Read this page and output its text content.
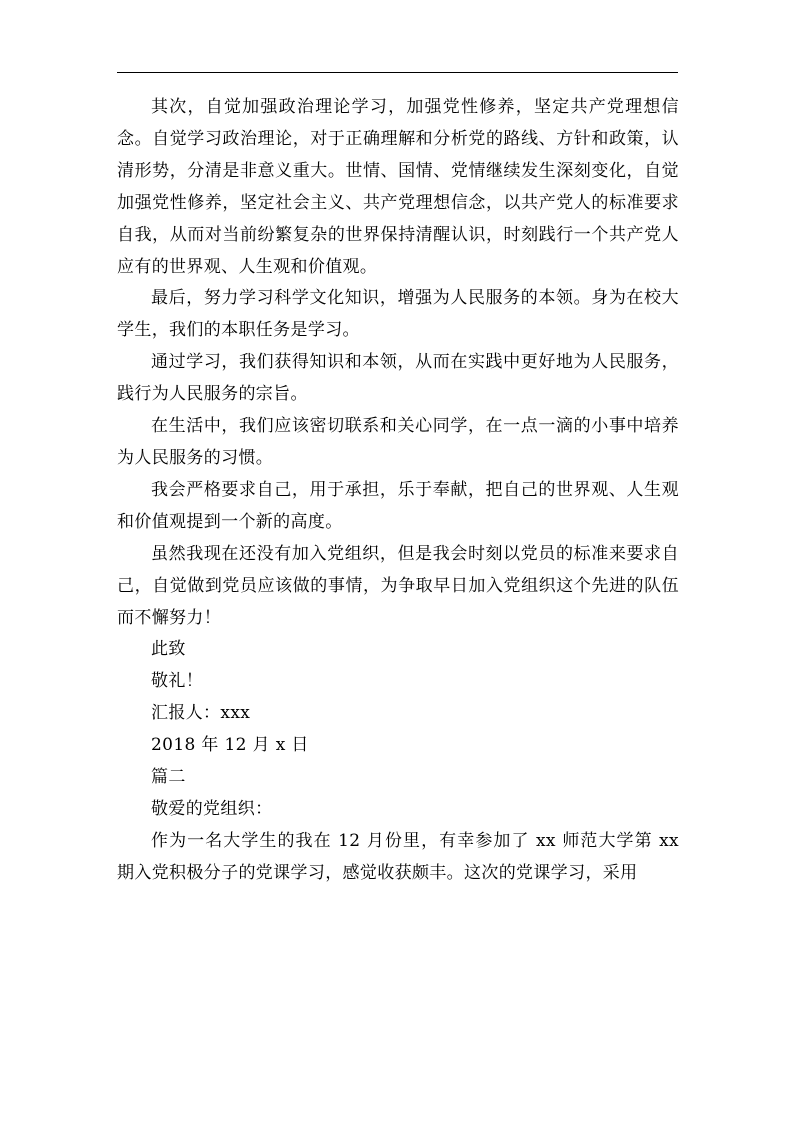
其次，自觉加强政治理论学习，加强党性修养，坚定共产党理想信念。自觉学习政治理论，对于正确理解和分析党的路线、方针和政策，认清形势，分清是非意义重大。世情、国情、党情继续发生深刻变化，自觉加强党性修养，坚定社会主义、共产党理想信念，以共产党人的标准要求自我，从而对当前纷繁复杂的世界保持清醒认识，时刻践行一个共产党人应有的世界观、人生观和价值观。

最后，努力学习科学文化知识，增强为人民服务的本领。身为在校大学生，我们的本职任务是学习。

通过学习，我们获得知识和本领，从而在实践中更好地为人民服务，践行为人民服务的宗旨。

在生活中，我们应该密切联系和关心同学，在一点一滴的小事中培养为人民服务的习惯。

我会严格要求自己，用于承担，乐于奉献，把自己的世界观、人生观和价值观提到一个新的高度。

虽然我现在还没有加入党组织，但是我会时刻以党员的标准来要求自己，自觉做到党员应该做的事情，为争取早日加入党组织这个先进的队伍而不懈努力！

此致

敬礼！

汇报人：xxx

2018 年 12 月 x 日

篇二

敬爱的党组织：

作为一名大学生的我在 12 月份里，有幸参加了 xx 师范大学第 xx 期入党积极分子的党课学习，感觉收获颇丰。这次的党课学习，采用
